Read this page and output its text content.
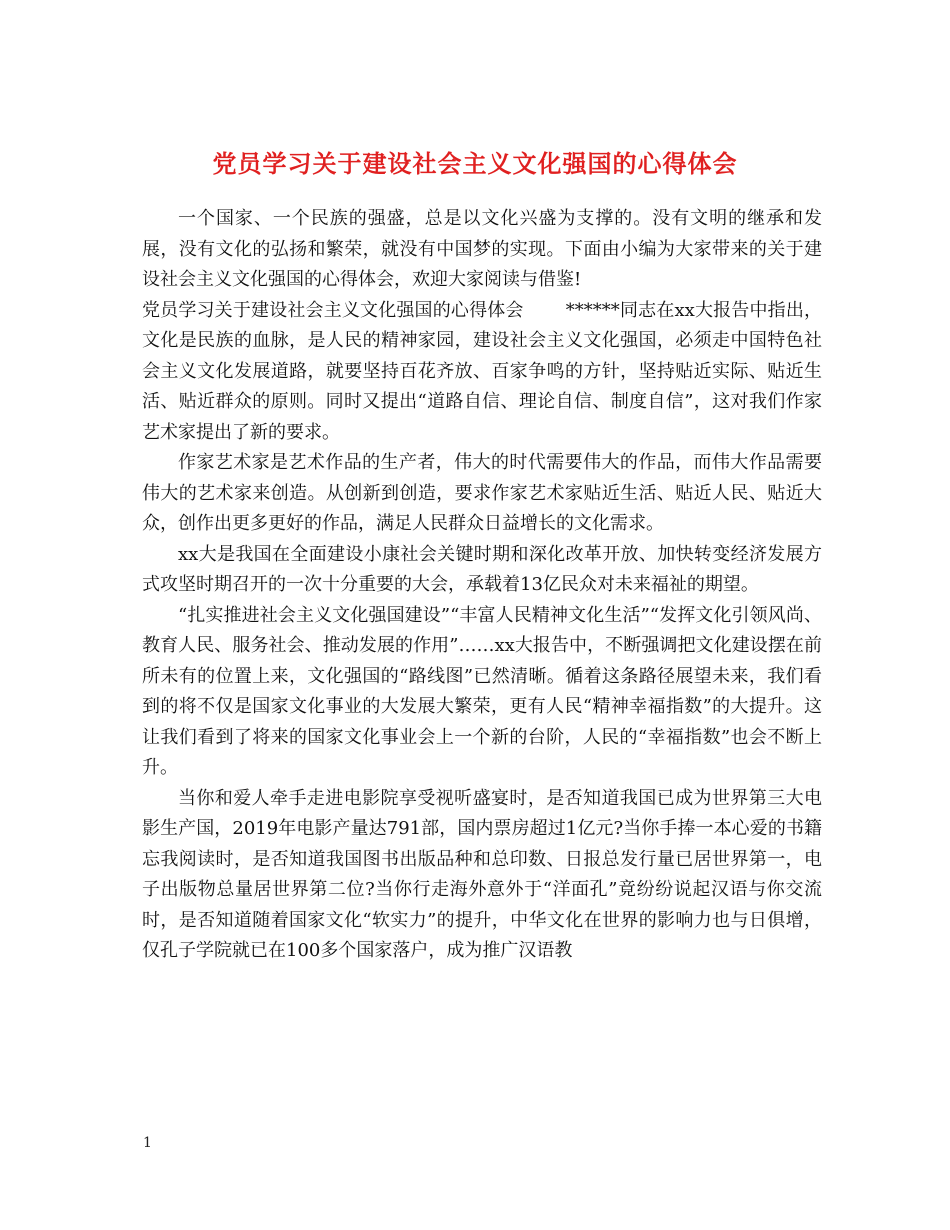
党员学习关于建设社会主义文化强国的心得体会

一个国家、一个民族的强盛，总是以文化兴盛为支撑的。没有文明的继承和发展，没有文化的弘扬和繁荣，就没有中国梦的实现。下面由小编为大家带来的关于建设社会主义文化强国的心得体会，欢迎大家阅读与借鉴!

党员学习关于建设社会主义文化强国的心得体会　　 ******同志在xx大报告中指出，文化是民族的血脉，是人民的精神家园，建设社会主义文化强国，必须走中国特色社会主义文化发展道路，就要坚持百花齐放、百家争鸣的方针，坚持贴近实际、贴近生活、贴近群众的原则。同时又提出“道路自信、理论自信、制度自信”，这对我们作家艺术家提出了新的要求。

作家艺术家是艺术作品的生产者，伟大的时代需要伟大的作品，而伟大作品需要伟大的艺术家来创造。从创新到创造，要求作家艺术家贴近生活、贴近人民、贴近大众，创作出更多更好的作品，满足人民群众日益增长的文化需求。

xx大是我国在全面建设小康社会关键时期和深化改革开放、加快转变经济发展方式攻坚时期召开的一次十分重要的大会，承载着13亿民众对未来福祉的期望。

“扎实推进社会主义文化强国建设”“丰富人民精神文化生活”“发挥文化引领风尚、教育人民、服务社会、推动发展的作用”……xx大报告中，不断强调把文化建设摆在前所未有的位置上来，文化强国的“路线图”已然清晰。循着这条路径展望未来，我们看到的将不仅是国家文化事业的大发展大繁荣，更有人民“精神幸福指数”的大提升。这让我们看到了将来的国家文化事业会上一个新的台阶，人民的“幸福指数”也会不断上升。

当你和爱人牵手走进电影院享受视听盛宴时，是否知道我国已成为世界第三大电影生产国，2019年电影产量达791部，国内票房超过1亿元?当你手捧一本心爱的书籍忘我阅读时，是否知道我国图书出版品种和总印数、日报总发行量已居世界第一，电子出版物总量居世界第二位?当你行走海外意外于“洋面孔”竟纷纷说起汉语与你交流时，是否知道随着国家文化“软实力”的提升，中华文化在世界的影响力也与日俱增，仅孔子学院就已在100多个国家落户，成为推广汉语教

1
